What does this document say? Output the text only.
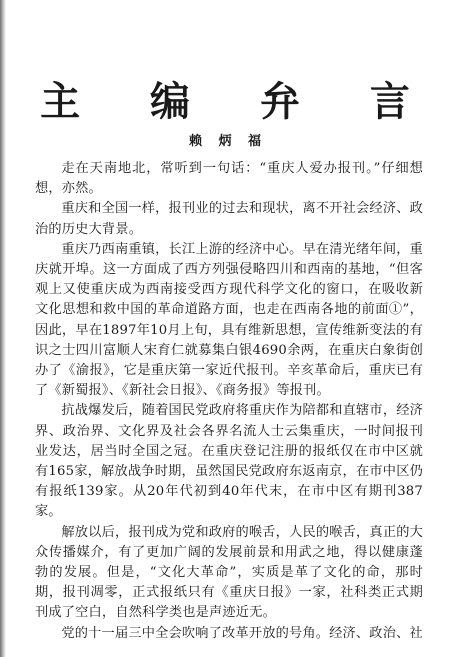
主 编 弁 言
赖 炳 福

走在天南地北，常听到一句话：“重庆人爱办报刊。”仔细想想，亦然。

重庆和全国一样，报刊业的过去和现状，离不开社会经济、政治的历史大背景。

重庆乃西南重镇，长江上游的经济中心。早在清光绪年间，重庆就开埠。这一方面成了西方列强侵略四川和西南的基地，“但客观上又使重庆成为西南接受西方现代科学文化的窗口，在吸收新文化思想和救中国的革命道路方面，也走在西南各地的前面①”，因此，早在1897年10月上旬，具有维新思想，宣传维新变法的有识之士四川富顺人宋育仁就募集白银4690余两，在重庆白象街创办了《渝报》，它是重庆第一家近代报刊。辛亥革命后，重庆已有了《新蜀报》、《新社会日报》、《商务报》等报刊。

抗战爆发后，随着国民党政府将重庆作为陪都和直辖市，经济界、政治界、文化界及社会各界名流人士云集重庆，一时间报刊业发达，居当时全国之冠。在重庆登记注册的报纸仅在市中区就有165家，解放战争时期，虽然国民党政府东返南京，在市中区仍有报纸139家。从20年代初到40年代末，在市中区有期刊387家。

解放以后，报刊成为党和政府的喉舌，人民的喉舌，真正的大众传播媒介，有了更加广阔的发展前景和用武之地，得以健康蓬勃的发展。但是，“文化大革命”，实质是革了文化的命，那时期，报刊凋零，正式报纸只有《重庆日报》一家，社科类正式期刊成了空白，自然科学类也是声迹近无。

党的十一届三中全会吹响了改革开放的号角。经济、政治、社
